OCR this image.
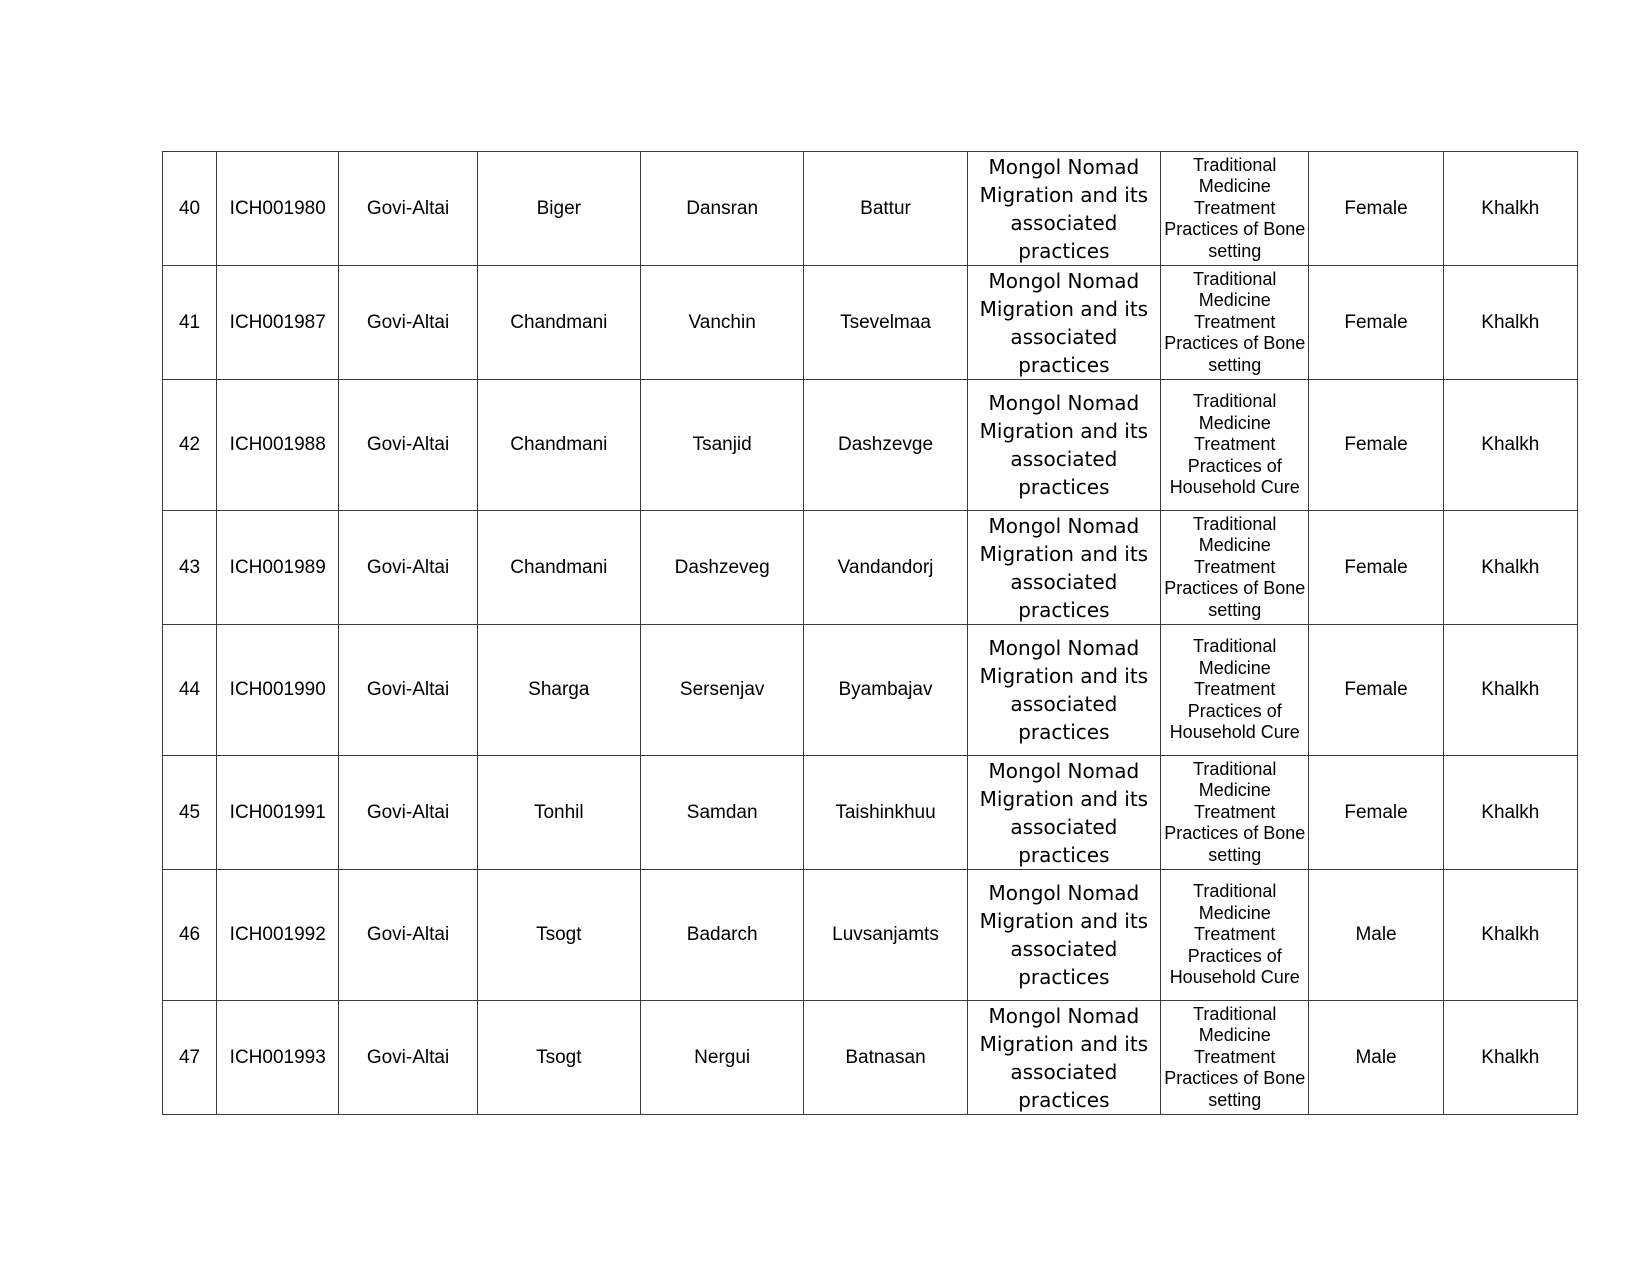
40	ICH001980	Govi-Altai	Biger	Dansran	Battur	Mongol Nomad Migration and its associated practices	Traditional Medicine Treatment Practices of Bone setting	Female	Khalkh
41	ICH001987	Govi-Altai	Chandmani	Vanchin	Tsevelmaa	Mongol Nomad Migration and its associated practices	Traditional Medicine Treatment Practices of Bone setting	Female	Khalkh
42	ICH001988	Govi-Altai	Chandmani	Tsanjid	Dashzevge	Mongol Nomad Migration and its associated practices	Traditional Medicine Treatment Practices of Household Cure	Female	Khalkh
43	ICH001989	Govi-Altai	Chandmani	Dashzeveg	Vandandorj	Mongol Nomad Migration and its associated practices	Traditional Medicine Treatment Practices of Bone setting	Female	Khalkh
44	ICH001990	Govi-Altai	Sharga	Sersenjav	Byambajav	Mongol Nomad Migration and its associated practices	Traditional Medicine Treatment Practices of Household Cure	Female	Khalkh
45	ICH001991	Govi-Altai	Tonhil	Samdan	Taishinkhuu	Mongol Nomad Migration and its associated practices	Traditional Medicine Treatment Practices of Bone setting	Female	Khalkh
46	ICH001992	Govi-Altai	Tsogt	Badarch	Luvsanjamts	Mongol Nomad Migration and its associated practices	Traditional Medicine Treatment Practices of Household Cure	Male	Khalkh
47	ICH001993	Govi-Altai	Tsogt	Nergui	Batnasan	Mongol Nomad Migration and its associated practices	Traditional Medicine Treatment Practices of Bone setting	Male	Khalkh
